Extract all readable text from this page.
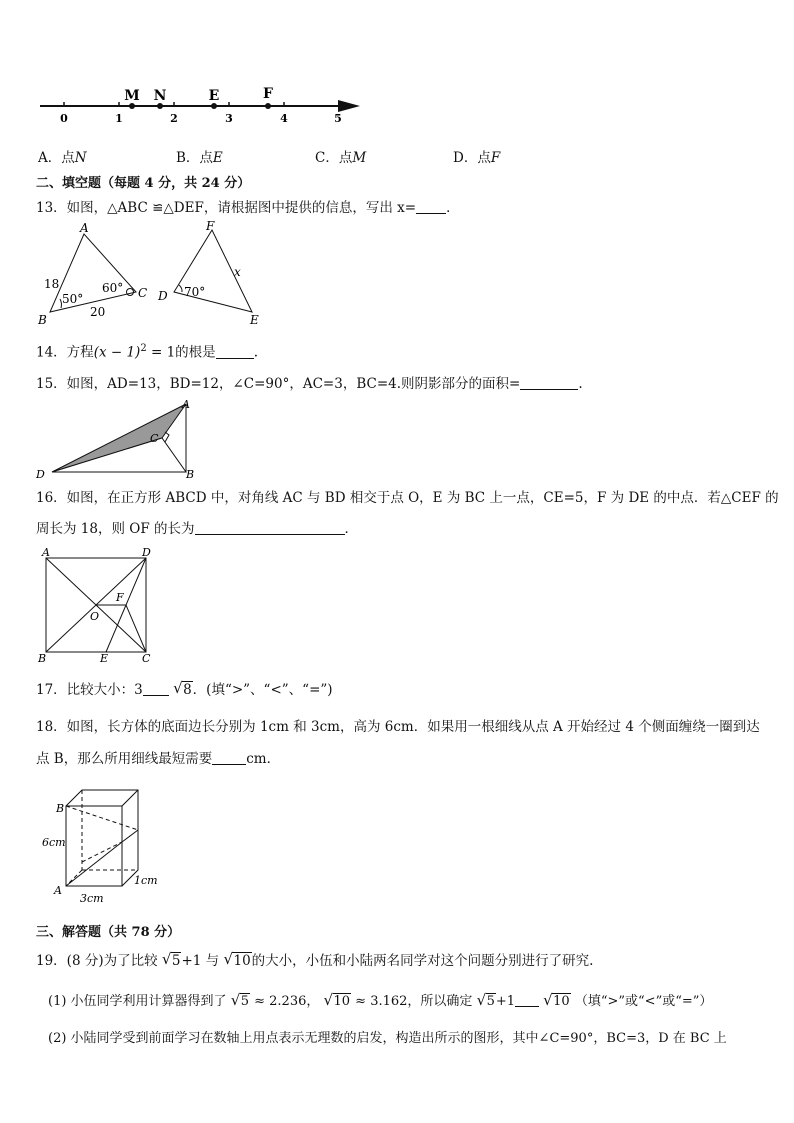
0	1	2	3	4	5
M N	E	F
A．点N	B．点E	C．点M	D．点F
二、填空题（每题 4 分，共 24 分）
13．如图，△ABC ≌△DEF，请根据图中提供的信息，写出 x= ．
A
B
C D
E
F
x
18
20
50°
60°	70°
14．方程$(x - 1)^2 = 1$的根是	.
15．如图，AD=13，BD=12，∠C=90°，AC=3，BC=4.则阴影部分的面积=	.
A
B
C
D
16．如图，在正方形 ABCD 中，对角线 AC 与 BD 相交于点 O，E 为 BC 上一点，CE=5，F 为 DE 的中点．若△CEF 的
周长为 18，则 OF 的长为	．
A	D
B	C
E
F
O
17．比较大小：3 √ 8．(填“>”、“<”、“=”)
18．如图，长方体的底面边长分别为 1cm 和 3cm，高为 6cm．如果用一根细线从点 A 开始经过 4 个侧面缠绕一圈到达
点 B，那么所用细线最短需要	cm．
B
A
6cm
3cm
1cm
三、解答题（共 78 分）
19．(8 分)为了比较 √ 5+1 与 √ 10的大小，小伍和小陆两名同学对这个问题分别进行了研究.
(1) 小伍同学利用计算器得到了 √ 5 ≈ 2.236， √ 10 ≈ 3.162，所以确定 √ 5+1 √ 10 （填“>”或“<”或“=”）
(2) 小陆同学受到前面学习在数轴上用点表示无理数的启发，构造出所示的图形，其中∠C=90°，BC=3，D 在 BC 上
